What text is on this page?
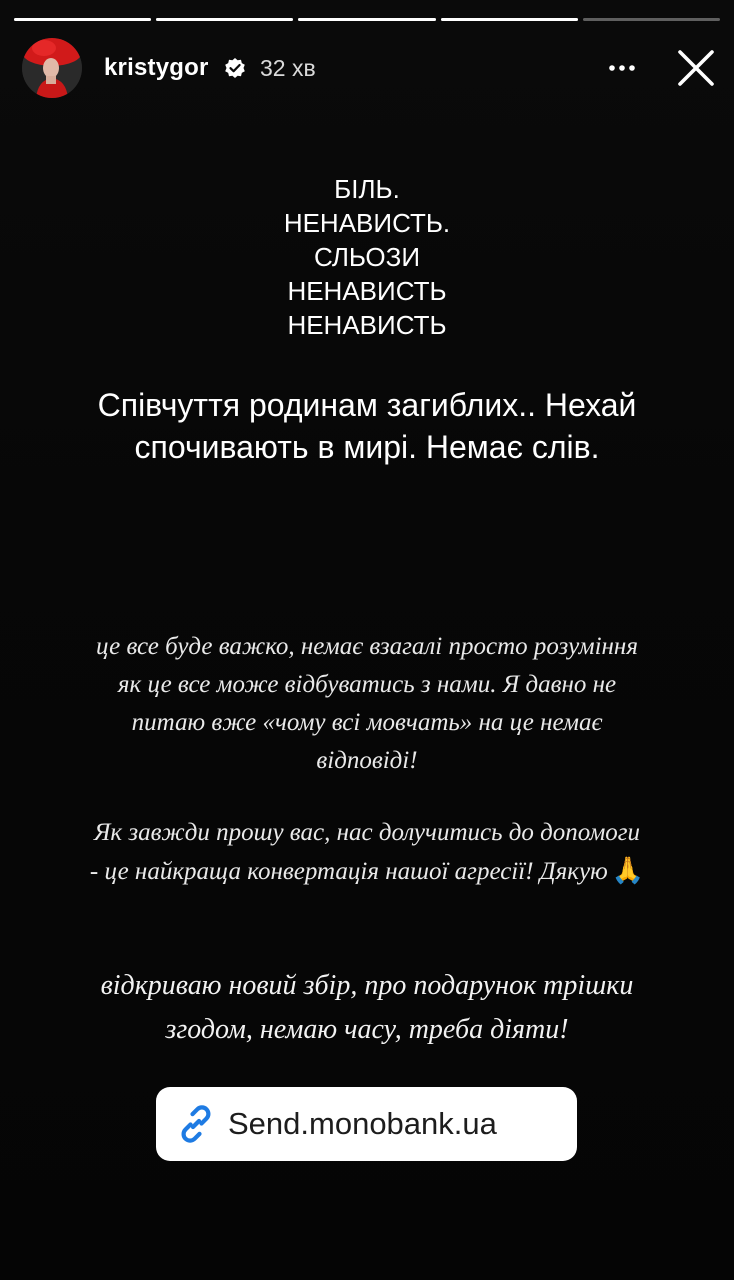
kristygor 32 хв
БІЛЬ.
НЕНАВИСТЬ.
СЛЬОЗИ
НЕНАВИСТЬ
НЕНАВИСТЬ
Співчуття родинам загиблих.. Нехай
спочивають в мирі. Немає слів.
це все буде важко, немає взагалі просто розуміння
як це все може відбуватись з нами. Я давно не
питаю вже «чому всі мовчать» на це немає
відповіді!
Як завжди прошу вас, нас долучитись до допомоги
- це найкраща конвертація нашої агресії! Дякую 🙏
відкриваю новий збір, про подарунок трішки
згодом, немаю часу, треба діяти!
Send.monobank.ua
